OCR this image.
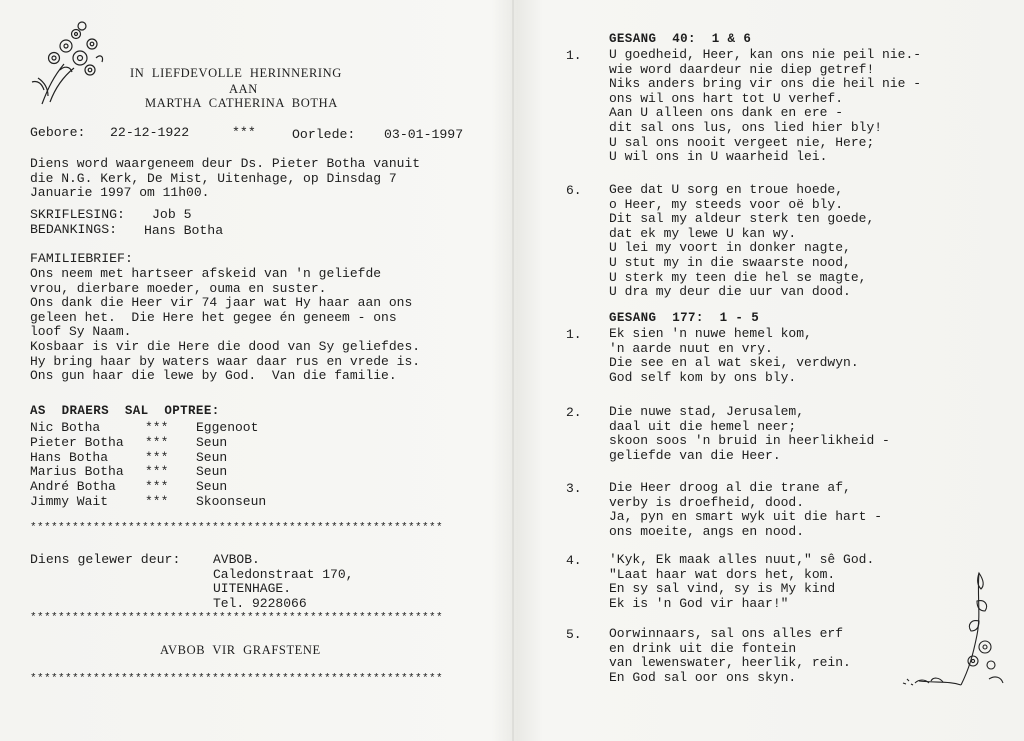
IN  LIEFDEVOLLE  HERINNERING
AAN
MARTHA  CATHERINA  BOTHA
Gebore: 22-12-1922	***	Oorlede: 03-01-1997
Diens word waargeneem deur Ds. Pieter Botha vanuit
die N.G. Kerk, De Mist, Uitenhage, op Dinsdag 7
Januarie 1997 om 11h00.
SKRIFLESING: Job 5
BEDANKINGS: Hans Botha
FAMILIEBRIEF:
Ons neem met hartseer afskeid van 'n geliefde
vrou, dierbare moeder, ouma en suster.
Ons dank die Heer vir 74 jaar wat Hy haar aan ons
geleen het.  Die Here het gegee én geneem - ons
loof Sy Naam.
Kosbaar is vir die Here die dood van Sy geliefdes.
Hy bring haar by waters waar daar rus en vrede is.
Ons gun haar die lewe by God.  Van die familie.
AS  DRAERS  SAL  OPTREE:
Nic Botha	*** Eggenoot
Pieter Botha *** Seun
Hans Botha	*** Seun
Marius Botha *** Seun
André Botha *** Seun
Jimmy Wait	*** Skoonseun
***********************************************************
Diens gelewer deur:	AVBOB.
Caledonstraat 170,
UITENHAGE.
Tel. 9228066
***********************************************************
AVBOB  VIR  GRAFSTENE
***********************************************************
GESANG  40:  1 & 6
1. U goedheid, Heer, kan ons nie peil nie.-
wie word daardeur nie diep getref!
Niks anders bring vir ons die heil nie -
ons wil ons hart tot U verhef.
Aan U alleen ons dank en ere -
dit sal ons lus, ons lied hier bly!
U sal ons nooit vergeet nie, Here;
U wil ons in U waarheid lei.
6. Gee dat U sorg en troue hoede,
o Heer, my steeds voor oë bly.
Dit sal my aldeur sterk ten goede,
dat ek my lewe U kan wy.
U lei my voort in donker nagte,
U stut my in die swaarste nood,
U sterk my teen die hel se magte,
U dra my deur die uur van dood.
GESANG  177:  1 - 5
1. Ek sien 'n nuwe hemel kom,
'n aarde nuut en vry.
Die see en al wat skei, verdwyn.
God self kom by ons bly.
2. Die nuwe stad, Jerusalem,
daal uit die hemel neer;
skoon soos 'n bruid in heerlikheid -
geliefde van die Heer.
3. Die Heer droog al die trane af,
verby is droefheid, dood.
Ja, pyn en smart wyk uit die hart -
ons moeite, angs en nood.
4. 'Kyk, Ek maak alles nuut," sê God.
"Laat haar wat dors het, kom.
En sy sal vind, sy is My kind
Ek is 'n God vir haar!"
5. Oorwinnaars, sal ons alles erf
en drink uit die fontein
van lewenswater, heerlik, rein.
En God sal oor ons skyn.
